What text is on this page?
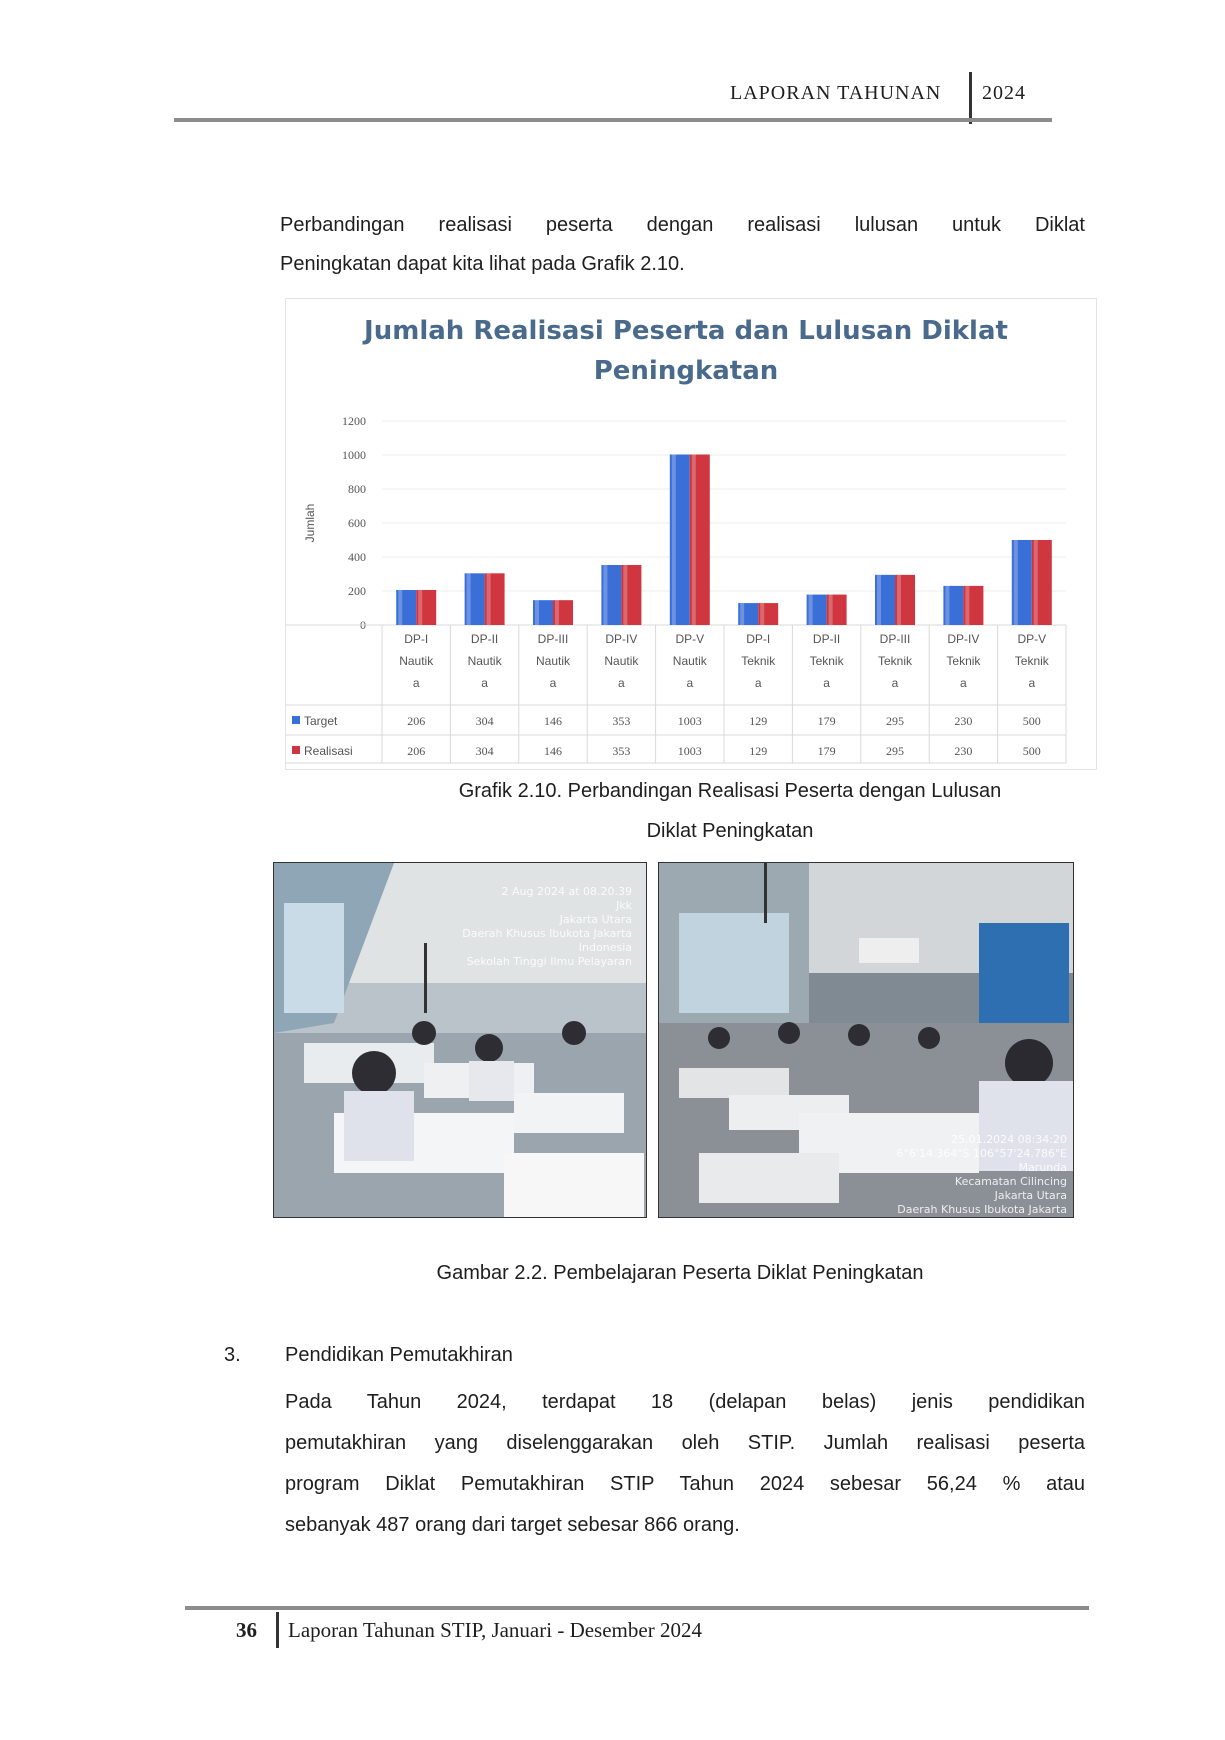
LAPORAN TAHUNAN 2024
Perbandingan realisasi peserta dengan realisasi lulusan untuk Diklat
Peningkatan dapat kita lihat pada Grafik 2.10.
Jumlah Realisasi Peserta dan Lulusan Diklat
Peningkatan
0
200
400
600
800
1000
1200
Jumlah
DP-I
Nautik
a
206
206
DP-II
Nautik
a
304
304
DP-III
Nautik
a
146
146
DP-IV
Nautik
a
353
353
DP-V
Nautik
a
1003
1003
DP-I
Teknik
a
129
129
DP-II
Teknik
a
179
179
DP-III
Teknik
a
295
295
DP-IV
Teknik
a
230
230
DP-V
Teknik
a
500
500
Target
Realisasi
Grafik 2.10. Perbandingan Realisasi Peserta dengan Lulusan
Diklat Peningkatan
2 Aug 2024 at 08.20.39
Jkk
Jakarta Utara
Daerah Khusus Ibukota Jakarta
Indonesia
Sekolah Tinggi Ilmu Pelayaran
25.01.2024 08:34:20
6°6'14.364"S 106°57'24.786"E
Marunda
Kecamatan Cilincing
Jakarta Utara
Daerah Khusus Ibukota Jakarta
Gambar 2.2. Pembelajaran Peserta Diklat Peningkatan
3. Pendidikan Pemutakhiran
Pada Tahun 2024, terdapat 18 (delapan belas) jenis pendidikan
pemutakhiran yang diselenggarakan oleh STIP. Jumlah realisasi peserta
program Diklat Pemutakhiran STIP Tahun 2024 sebesar 56,24 % atau
sebanyak 487 orang dari target sebesar 866 orang.
36 Laporan Tahunan STIP, Januari - Desember 2024
